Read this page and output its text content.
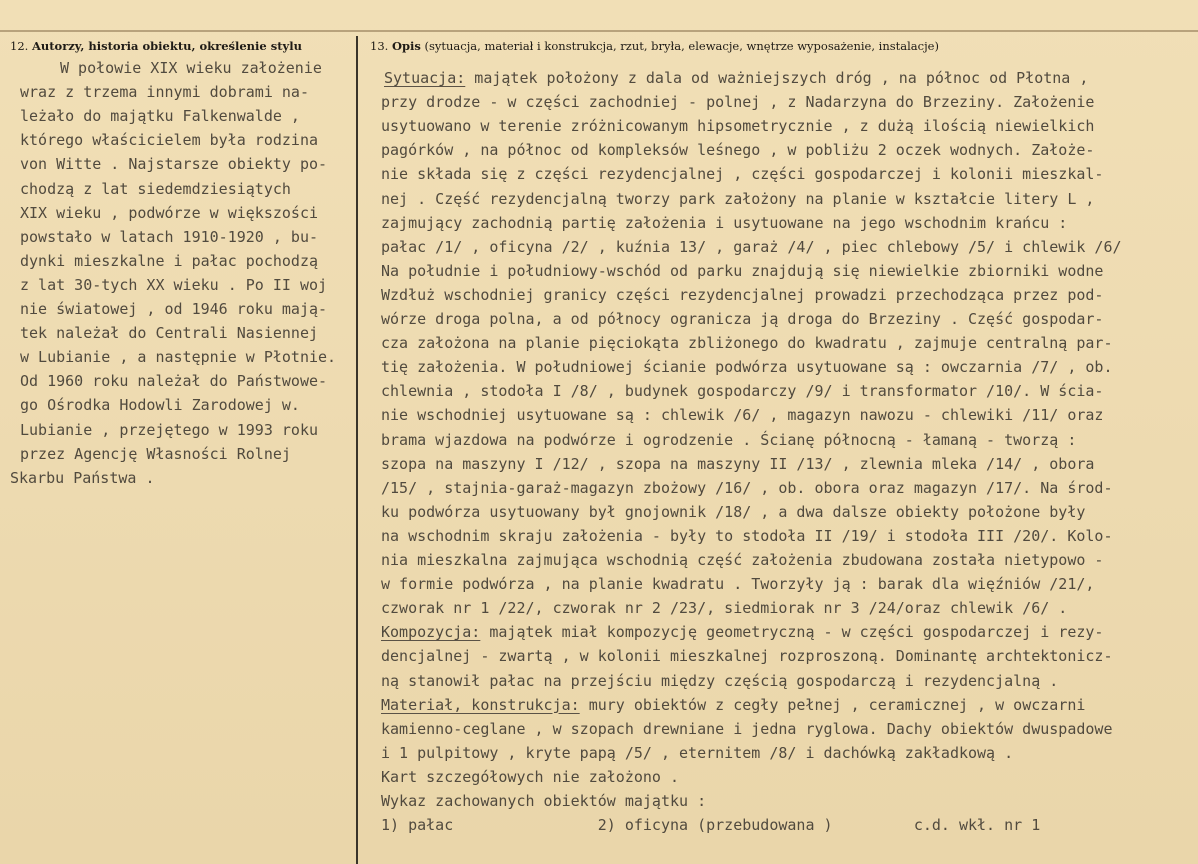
12. Autorzy, historia obiektu, określenie stylu	13. Opis (sytuacja, materiał i konstrukcja, rzut, bryła, elewacje, wnętrze wyposażenie, instalacje)
W połowie XIX wieku założenie
wraz z trzema innymi dobrami na-
leżało do majątku Falkenwalde ,
którego właścicielem była rodzina
von Witte . Najstarsze obiekty po-
chodzą z lat siedemdziesiątych
XIX wieku , podwórze w większości
powstało w latach 1910-1920 , bu-
dynki mieszkalne i pałac pochodzą
z lat 30-tych XX wieku . Po II woj
nie światowej , od 1946 roku mają-
tek należał do Centrali Nasiennej
w Lubianie , a następnie w Płotnie.
Od 1960 roku należał do Państwowe-
go Ośrodka Hodowli Zarodowej w.
Lubianie , przejętego w 1993 roku
przez Agencję Własności Rolnej
Skarbu Państwa .
Sytuacja: majątek położony z dala od ważniejszych dróg , na północ od Płotna ,
przy drodze - w części zachodniej - polnej , z Nadarzyna do Brzeziny. Założenie
usytuowano w terenie zróżnicowanym hipsometrycznie , z dużą ilością niewielkich
pagórków , na północ od kompleksów leśnego , w pobliżu 2 oczek wodnych. Założe-
nie składa się z części rezydencjalnej , części gospodarczej i kolonii mieszkal-
nej . Część rezydencjalną tworzy park założony na planie w kształcie litery L ,
zajmujący zachodnią partię założenia i usytuowane na jego wschodnim krańcu :
pałac /1/ , oficyna /2/ , kuźnia 13/ , garaż /4/ , piec chlebowy /5/ i chlewik /6/
Na południe i południowy-wschód od parku znajdują się niewielkie zbiorniki wodne
Wzdłuż wschodniej granicy części rezydencjalnej prowadzi przechodząca przez pod-
wórze droga polna, a od północy ogranicza ją droga do Brzeziny . Część gospodar-
cza założona na planie pięciokąta zbliżonego do kwadratu , zajmuje centralną par-
tię założenia. W południowej ścianie podwórza usytuowane są : owczarnia /7/ , ob.
chlewnia , stodoła I /8/ , budynek gospodarczy /9/ i transformator /10/. W ścia-
nie wschodniej usytuowane są : chlewik /6/ , magazyn nawozu - chlewiki /11/ oraz
brama wjazdowa na podwórze i ogrodzenie . Ścianę północną - łamaną - tworzą :
szopa na maszyny I /12/ , szopa na maszyny II /13/ , zlewnia mleka /14/ , obora
/15/ , stajnia-garaż-magazyn zbożowy /16/ , ob. obora oraz magazyn /17/. Na środ-
ku podwórza usytuowany był gnojownik /18/ , a dwa dalsze obiekty położone były
na wschodnim skraju założenia - były to stodoła II /19/ i stodoła III /20/. Kolo-
nia mieszkalna zajmująca wschodnią część założenia zbudowana została nietypowo -
w formie podwórza , na planie kwadratu . Tworzyły ją : barak dla więźniów /21/,
czworak nr 1 /22/, czworak nr 2 /23/, siedmiorak nr 3 /24/oraz chlewik /6/ .
Kompozycja: majątek miał kompozycję geometryczną - w części gospodarczej i rezy-
dencjalnej - zwartą , w kolonii mieszkalnej rozproszoną. Dominantę archtektonicz-
ną stanowił pałac na przejściu między częścią gospodarczą i rezydencjalną .
Materiał, konstrukcja: mury obiektów z cegły pełnej , ceramicznej , w owczarni
kamienno-ceglane , w szopach drewniane i jedna ryglowa. Dachy obiektów dwuspadowe
i 1 pulpitowy , kryte papą /5/ , eternitem /8/ i dachówką zakładkową .
Kart szczegółowych nie założono .
Wykaz zachowanych obiektów majątku :
1) pałac                2) oficyna (przebudowana )         c.d. wkł. nr 1
